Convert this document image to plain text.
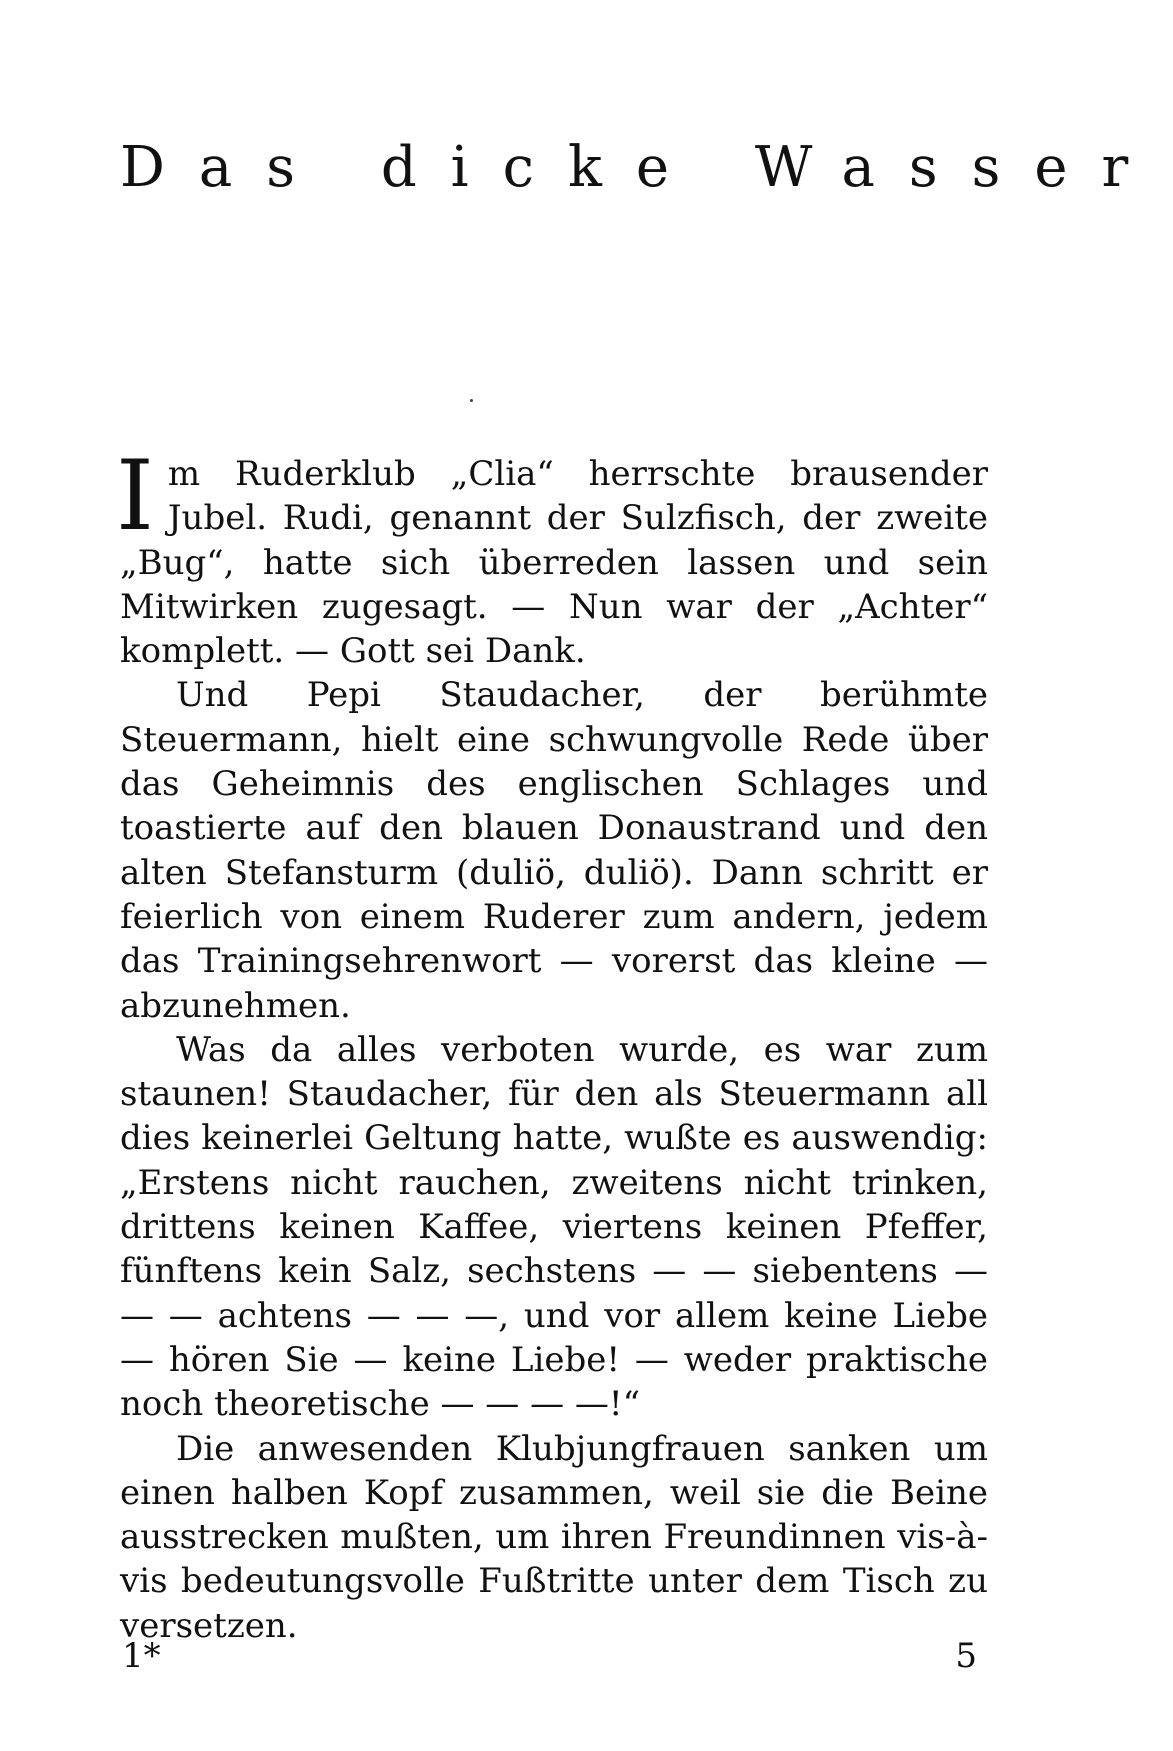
Das dicke Wasser

Im Ruderklub „Clia“ herrschte brausender Jubel. Rudi, genannt der Sulzfisch, der zweite „Bug“, hatte sich überreden lassen und sein Mitwirken zugesagt. — Nun war der „Achter“ komplett. — Gott sei Dank.

Und Pepi Staudacher, der berühmte Steuermann, hielt eine schwungvolle Rede über das Geheimnis des englischen Schlages und toastierte auf den blauen Donaustrand und den alten Stefansturm (duliö, duliö). Dann schritt er feierlich von einem Ruderer zum andern, jedem das Trainingsehrenwort — vorerst das kleine — abzunehmen.

Was da alles verboten wurde, es war zum staunen! Staudacher, für den als Steuermann all dies keinerlei Geltung hatte, wußte es auswendig: „Erstens nicht rauchen, zweitens nicht trinken, drittens keinen Kaffee, viertens keinen Pfeffer, fünftens kein Salz, sechstens — — siebentens — — — achtens — — —, und vor allem keine Liebe — hören Sie — keine Liebe! — weder praktische noch theoretische — — — —!“

Die anwesenden Klubjungfrauen sanken um einen halben Kopf zusammen, weil sie die Beine ausstrecken mußten, um ihren Freundinnen vis-à-vis bedeutungsvolle Fußtritte unter dem Tisch zu versetzen.

1*	5
